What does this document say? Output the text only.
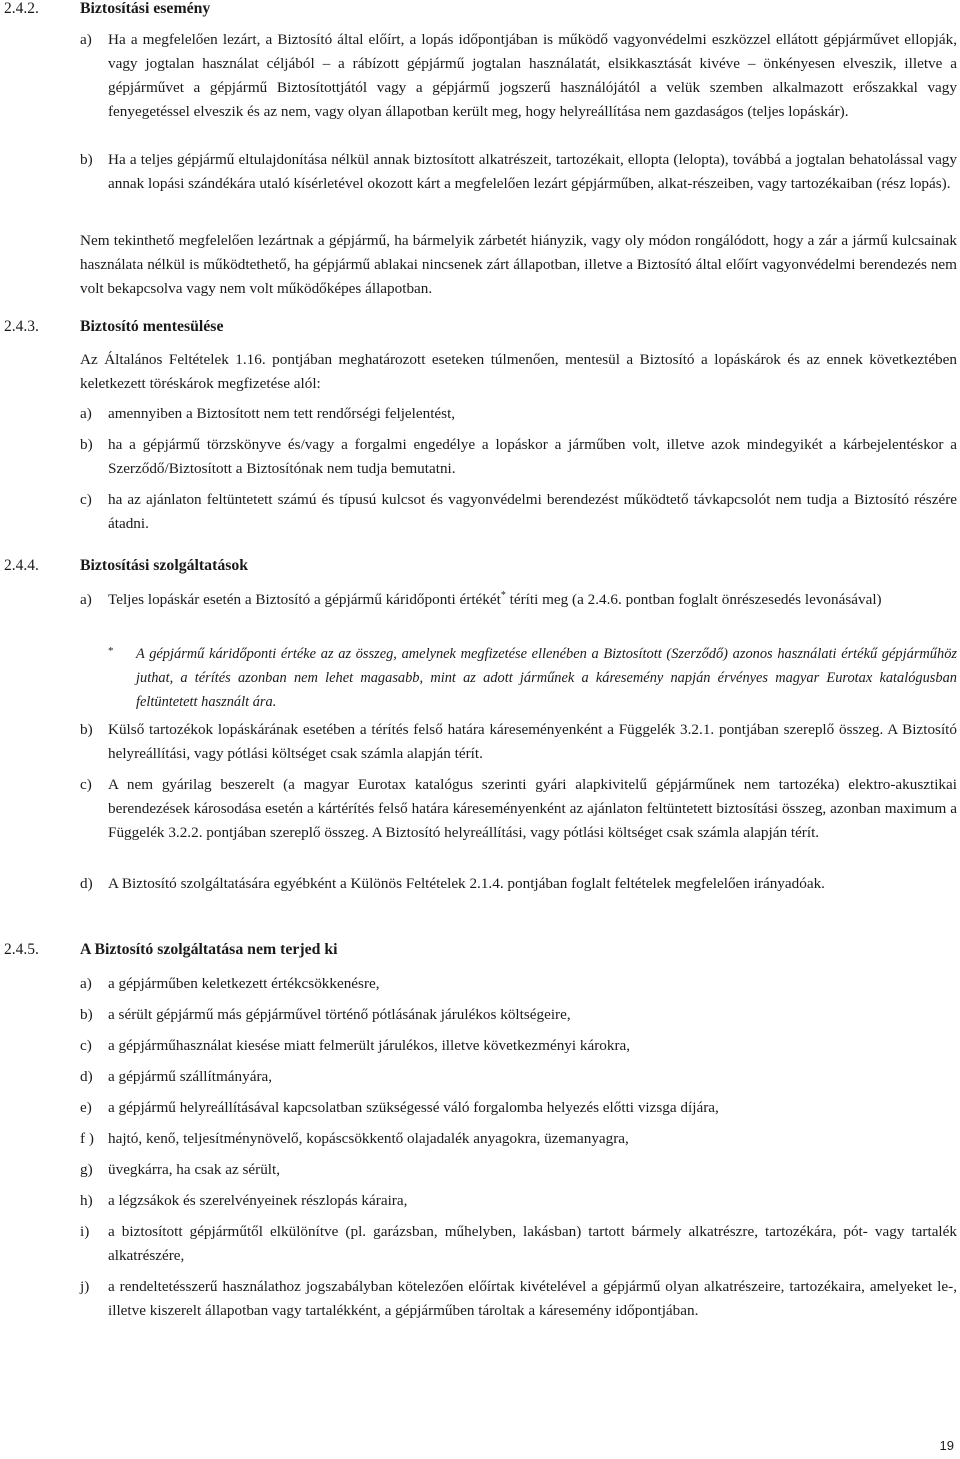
2.4.2.	Biztosítási esemény
a) Ha a megfelelően lezárt, a Biztosító által előírt, a lopás időpontjában is működő vagyonvédelmi eszközzel ellátott gépjárművet ellopják, vagy jogtalan használat céljából – a rábízott gépjármű jogtalan használatát, elsikkasztását kivéve – önkényesen elveszik, illetve a gépjárművet a gépjármű Biztosítottjától vagy a gépjármű jogszerű használójától a velük szemben alkalmazott erőszakkal vagy fenyegetéssel elveszik és az nem, vagy olyan állapotban került meg, hogy helyreállítása nem gazdaságos (teljes lopáskár).
b) Ha a teljes gépjármű eltulajdonítása nélkül annak biztosított alkatrészeit, tartozékait, ellopta (lelopta), továbbá a jogtalan behatolással vagy annak lopási szándékára utaló kísérletével okozott kárt a megfelelően lezárt gépjárműben, alkat-részeiben, vagy tartozékaiban (rész lopás).
Nem tekinthető megfelelően lezártnak a gépjármű, ha bármelyik zárbetét hiányzik, vagy oly módon rongálódott, hogy a zár a jármű kulcsainak használata nélkül is működtethető, ha gépjármű ablakai nincsenek zárt állapotban, illetve a Biztosító által előírt vagyonvédelmi berendezés nem volt bekapcsolva vagy nem volt működőképes állapotban.
2.4.3.	Biztosító mentesülése
Az Általános Feltételek 1.16. pontjában meghatározott eseteken túlmenően, mentesül a Biztosító a lopáskárok és az ennek következtében keletkezett töréskárok megfizetése alól:
a) amennyiben a Biztosított nem tett rendőrségi feljelentést,
b) ha a gépjármű törzskönyve és/vagy a forgalmi engedélye a lopáskor a járműben volt, illetve azok mindegyikét a kárbejelentéskor a Szerződő/Biztosított a Biztosítónak nem tudja bemutatni.
c) ha az ajánlaton feltüntetett számú és típusú kulcsot és vagyonvédelmi berendezést működtető távkapcsolót nem tudja a Biztosító részére átadni.
2.4.4.	Biztosítási szolgáltatások
a) Teljes lopáskár esetén a Biztosító a gépjármű káridőponti értékét* téríti meg (a 2.4.6. pontban foglalt önrészesedés levonásával)
* A gépjármű káridőponti értéke az az összeg, amelynek megfizetése ellenében a Biztosított (Szerződő) azonos használati értékű gépjárműhöz juthat, a térítés azonban nem lehet magasabb, mint az adott járműnek a káresemény napján érvényes magyar Eurotax katalógusban feltüntetett használt ára.
b) Külső tartozékok lopáskárának esetében a térítés felső határa káreseményenként a Függelék 3.2.1. pontjában szereplő összeg. A Biztosító helyreállítási, vagy pótlási költséget csak számla alapján térít.
c) A nem gyárilag beszerelt (a magyar Eurotax katalógus szerinti gyári alapkivitelű gépjárműnek nem tartozéka) elektro-akusztikai berendezések károsodása esetén a kártérítés felső határa káreseményenként az ajánlaton feltüntetett biztosítási összeg, azonban maximum a Függelék 3.2.2. pontjában szereplő összeg. A Biztosító helyreállítási, vagy pótlási költséget csak számla alapján térít.
d) A Biztosító szolgáltatására egyébként a Különös Feltételek 2.1.4. pontjában foglalt feltételek megfelelően irányadóak.
2.4.5.	A Biztosító szolgáltatása nem terjed ki
a) a gépjárműben keletkezett értékcsökkenésre,
b) a sérült gépjármű más gépjárművel történő pótlásának járulékos költségeire,
c) a gépjárműhasználat kiesése miatt felmerült járulékos, illetve következményi károkra,
d) a gépjármű szállítmányára,
e) a gépjármű helyreállításával kapcsolatban szükségessé váló forgalomba helyezés előtti vizsga díjára,
f ) hajtó, kenő, teljesítménynövelő, kopáscsökkentő olajadalék anyagokra, üzemanyagra,
g) üvegkárra, ha csak az sérült,
h) a légzsákok és szerelvényeinek részlopás káraira,
i) a biztosított gépjárműtől elkülönítve (pl. garázsban, műhelyben, lakásban) tartott bármely alkatrészre, tartozékára, pót- vagy tartalék alkatrészére,
j) a rendeltetésszerű használathoz jogszabályban kötelezően előírtak kivételével a gépjármű olyan alkatrészeire, tartozékaira, amelyeket le-, illetve kiszerelt állapotban vagy tartalékként, a gépjárműben tároltak a káresemény időpontjában.
19
